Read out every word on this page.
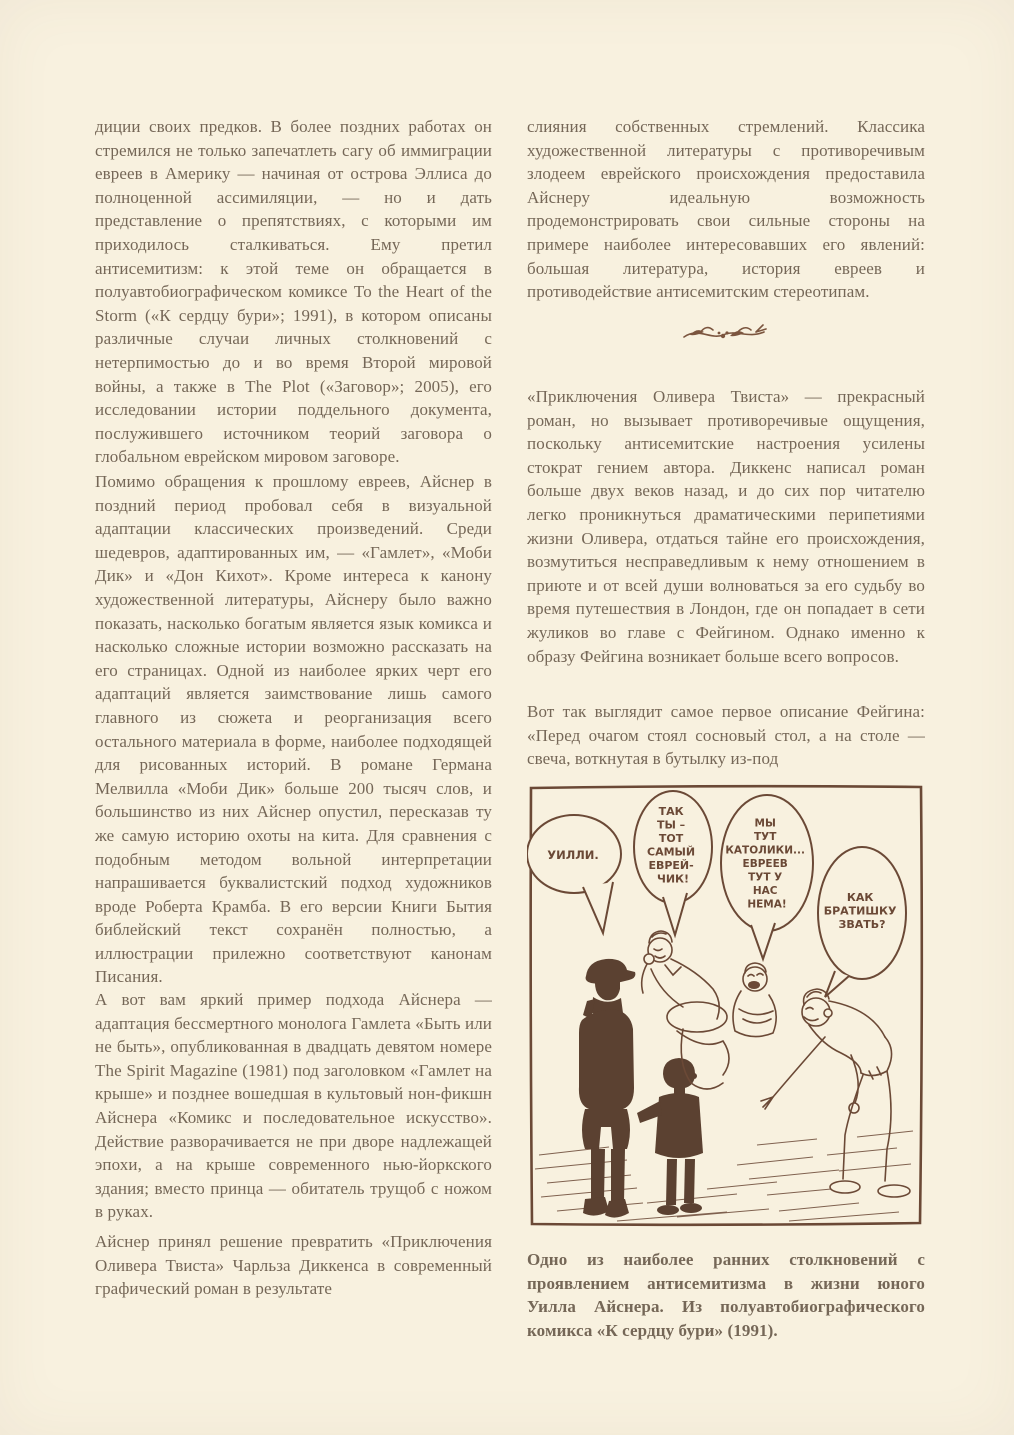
диции своих предков. В более поздних работах он стремился не только запечатлеть сагу об иммиграции евреев в Америку — начиная от острова Эллиса до полноценной ассимиляции, — но и дать представление о препятствиях, с которыми им приходилось сталкиваться. Ему претил антисемитизм: к этой теме он обращается в полуавтобиографическом комиксе To the Heart of the Storm («К сердцу бури»; 1991), в котором описаны различные случаи личных столкновений с нетерпимостью до и во время Второй мировой войны, а также в The Plot («Заговор»; 2005), его исследовании истории поддельного документа, послужившего источником теорий заговора о глобальном еврейском мировом заговоре.

Помимо обращения к прошлому евреев, Айснер в поздний период пробовал себя в визуальной адаптации классических произведений. Среди шедевров, адаптированных им, — «Гамлет», «Моби Дик» и «Дон Кихот». Кроме интереса к канону художественной литературы, Айснеру было важно показать, насколько богатым является язык комикса и насколько сложные истории возможно рассказать на его страницах. Одной из наиболее ярких черт его адаптаций является заимствование лишь самого главного из сюжета и реорганизация всего остального материала в форме, наиболее подходящей для рисованных историй. В романе Германа Мелвилла «Моби Дик» больше 200 тысяч слов, и большинство из них Айснер опустил, пересказав ту же самую историю охоты на кита. Для сравнения с подобным методом вольной интерпретации напрашивается буквалистский подход художников вроде Роберта Крамба. В его версии Книги Бытия библейский текст сохранён полностью, а иллюстрации прилежно соответствуют канонам Писания.

А вот вам яркий пример подхода Айснера — адаптация бессмертного монолога Гамлета «Быть или не быть», опубликованная в двадцать девятом номере The Spirit Magazine (1981) под заголовком «Гамлет на крыше» и позднее вошедшая в культовый нон-фикшн Айснера «Комикс и последовательное искусство». Действие разворачивается не при дворе надлежащей эпохи, а на крыше современного нью-йоркского здания; вместо принца — обитатель трущоб с ножом в руках.

Айснер принял решение превратить «Приключения Оливера Твиста» Чарльза Диккенса в современный графический роман в результате

слияния собственных стремлений. Классика художественной литературы с противоречивым злодеем еврейского происхождения предоставила Айснеру идеальную возможность продемонстрировать свои сильные стороны на примере наиболее интересовавших его явлений: большая литература, история евреев и противодействие антисемитским стереотипам.

«Приключения Оливера Твиста» — прекрасный роман, но вызывает противоречивые ощущения, поскольку антисемитские настроения усилены стократ гением автора. Диккенс написал роман больше двух веков назад, и до сих пор читателю легко проникнуться драматическими перипетиями жизни Оливера, отдаться тайне его происхождения, возмутиться несправедливым к нему отношением в приюте и от всей души волноваться за его судьбу во время путешествия в Лондон, где он попадает в сети жуликов во главе с Фейгином. Однако именно к образу Фейгина возникает больше всего вопросов.

Вот так выглядит самое первое описание Фейгина: «Перед очагом стоял сосновый стол, а на столе — свеча, воткнутая в бутылку из-под

УИЛЛИ.
ТАК ТЫ – ТОТ САМЫЙ ЕВРЕЙ- ЧИК!
МЫ ТУТ КАТОЛИКИ... ЕВРЕЕВ ТУТ У НАС НЕМА!
КАК БРАТИШКУ ЗВАТЬ?

Одно из наиболее ранних столкновений с проявлением антисемитизма в жизни юного Уилла Айснера. Из полуавтобиографического комикса «К сердцу бури» (1991).
